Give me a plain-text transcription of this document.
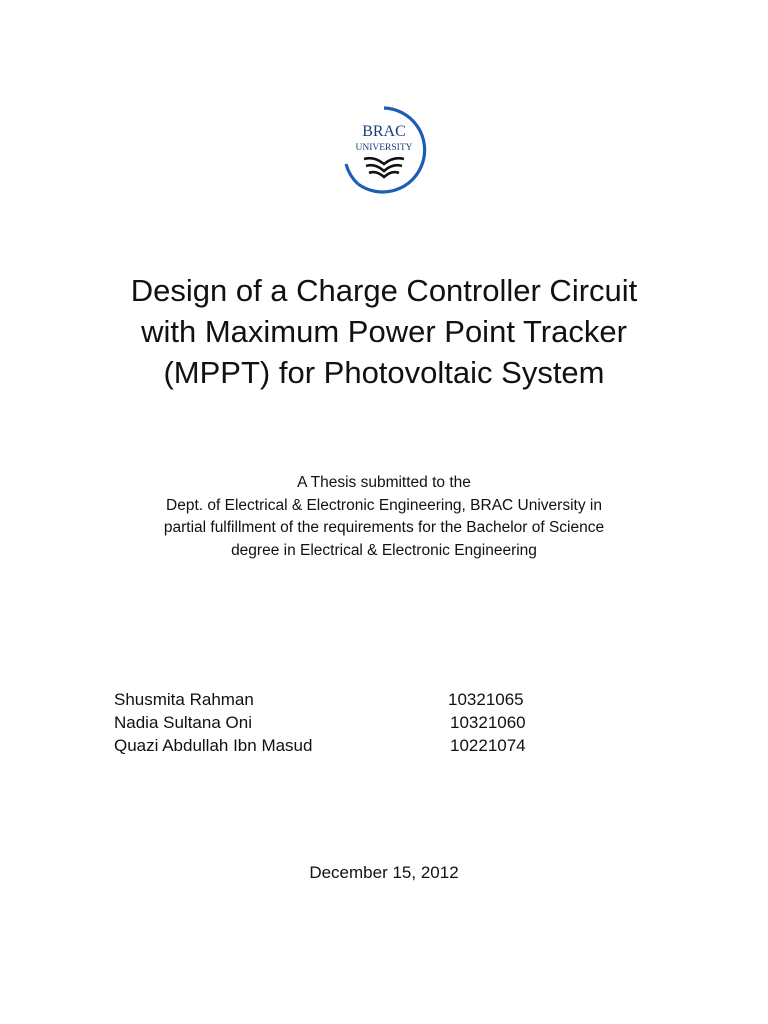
BRAC
UNIVERSITY
Design of a Charge Controller Circuit
with Maximum Power Point Tracker
(MPPT) for Photovoltaic System
A Thesis submitted to the
Dept. of Electrical & Electronic Engineering, BRAC University in
partial fulfillment of the requirements for the Bachelor of Science
degree in Electrical & Electronic Engineering
Shusmita Rahman	10321065
Nadia Sultana Oni	10321060
Quazi Abdullah Ibn Masud	10221074
December 15, 2012
